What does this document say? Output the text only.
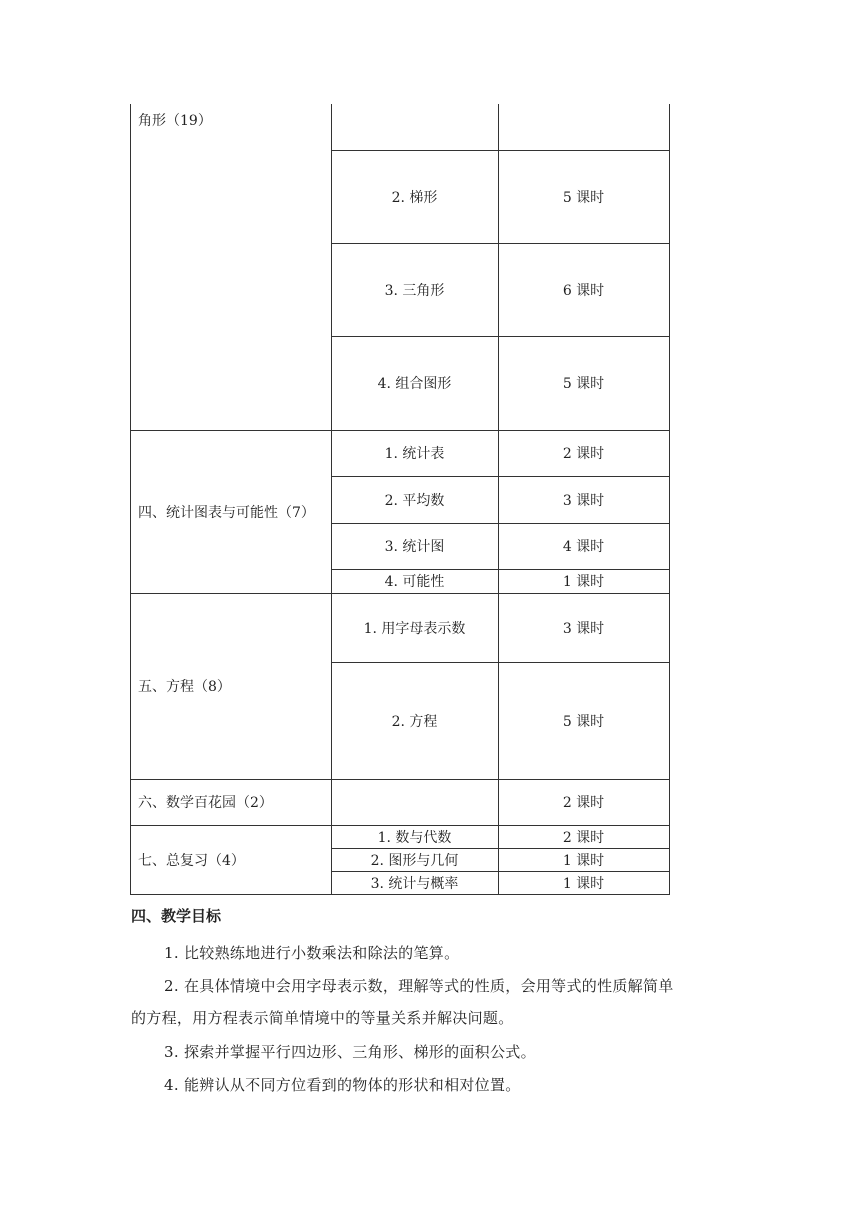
角形（19）
2. 梯形	5 课时
3. 三角形	6 课时
4. 组合图形	5 课时
四、统计图表与可能性（7）
1. 统计表	2 课时
2. 平均数	3 课时
3. 统计图	4 课时
4. 可能性	1 课时
五、方程（8）
1. 用字母表示数	3 课时
2. 方程	5 课时
六、数学百花园（2）	2 课时
七、总复习（4）
1. 数与代数	2 课时
2. 图形与几何	1 课时
3. 统计与概率	1 课时
四、教学目标
1. 比较熟练地进行小数乘法和除法的笔算。
2. 在具体情境中会用字母表示数，理解等式的性质，会用等式的性质解简单
的方程，用方程表示简单情境中的等量关系并解决问题。
3. 探索并掌握平行四边形、三角形、梯形的面积公式。
4. 能辨认从不同方位看到的物体的形状和相对位置。
